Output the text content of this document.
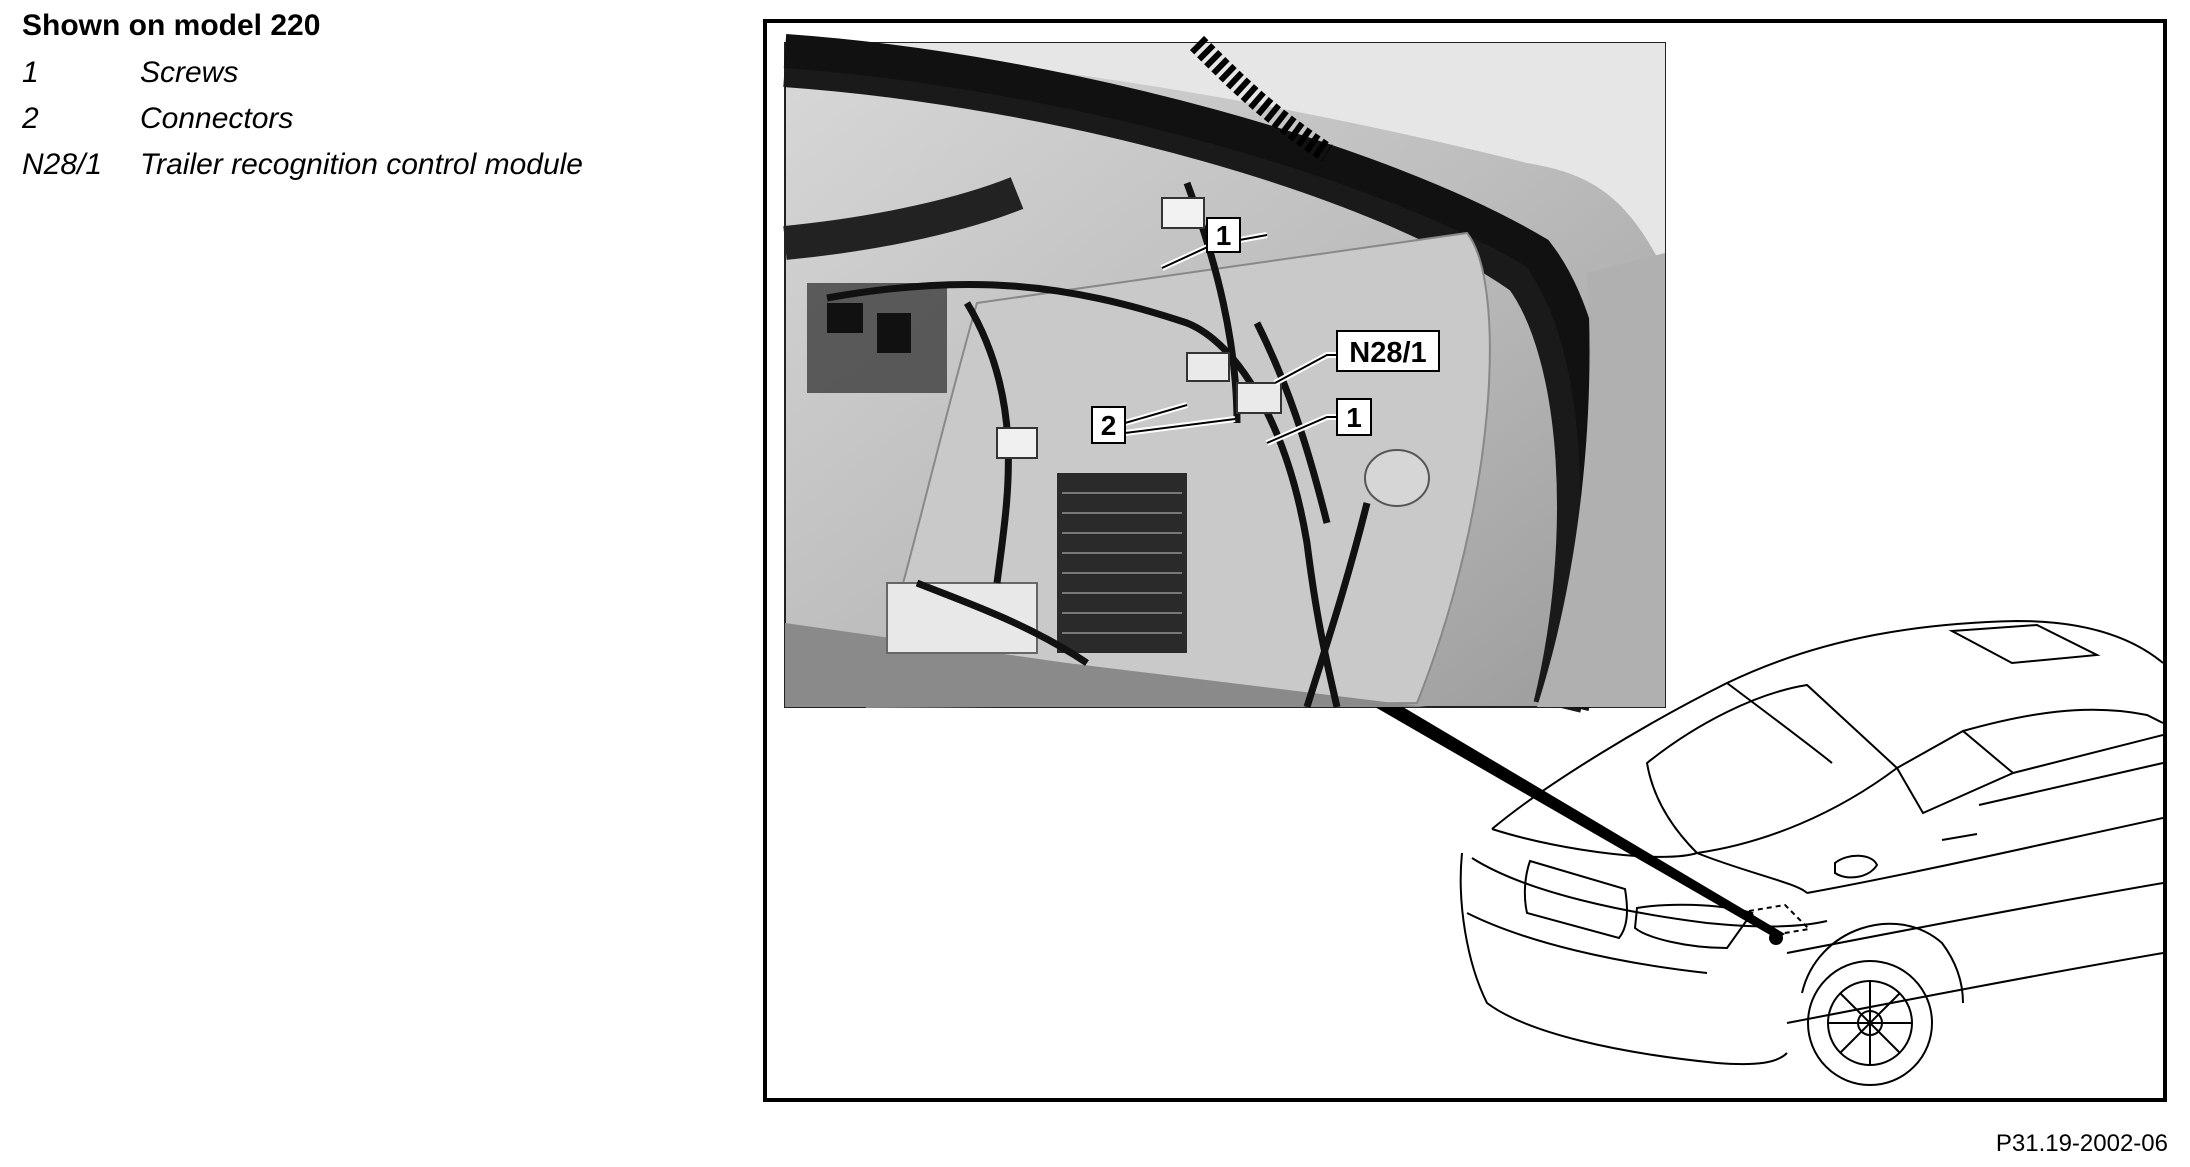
Shown on model 220
1	Screws
2	Connectors
N28/1	Trailer recognition control module
1
N28/1
1
2
P31.19-2002-06
